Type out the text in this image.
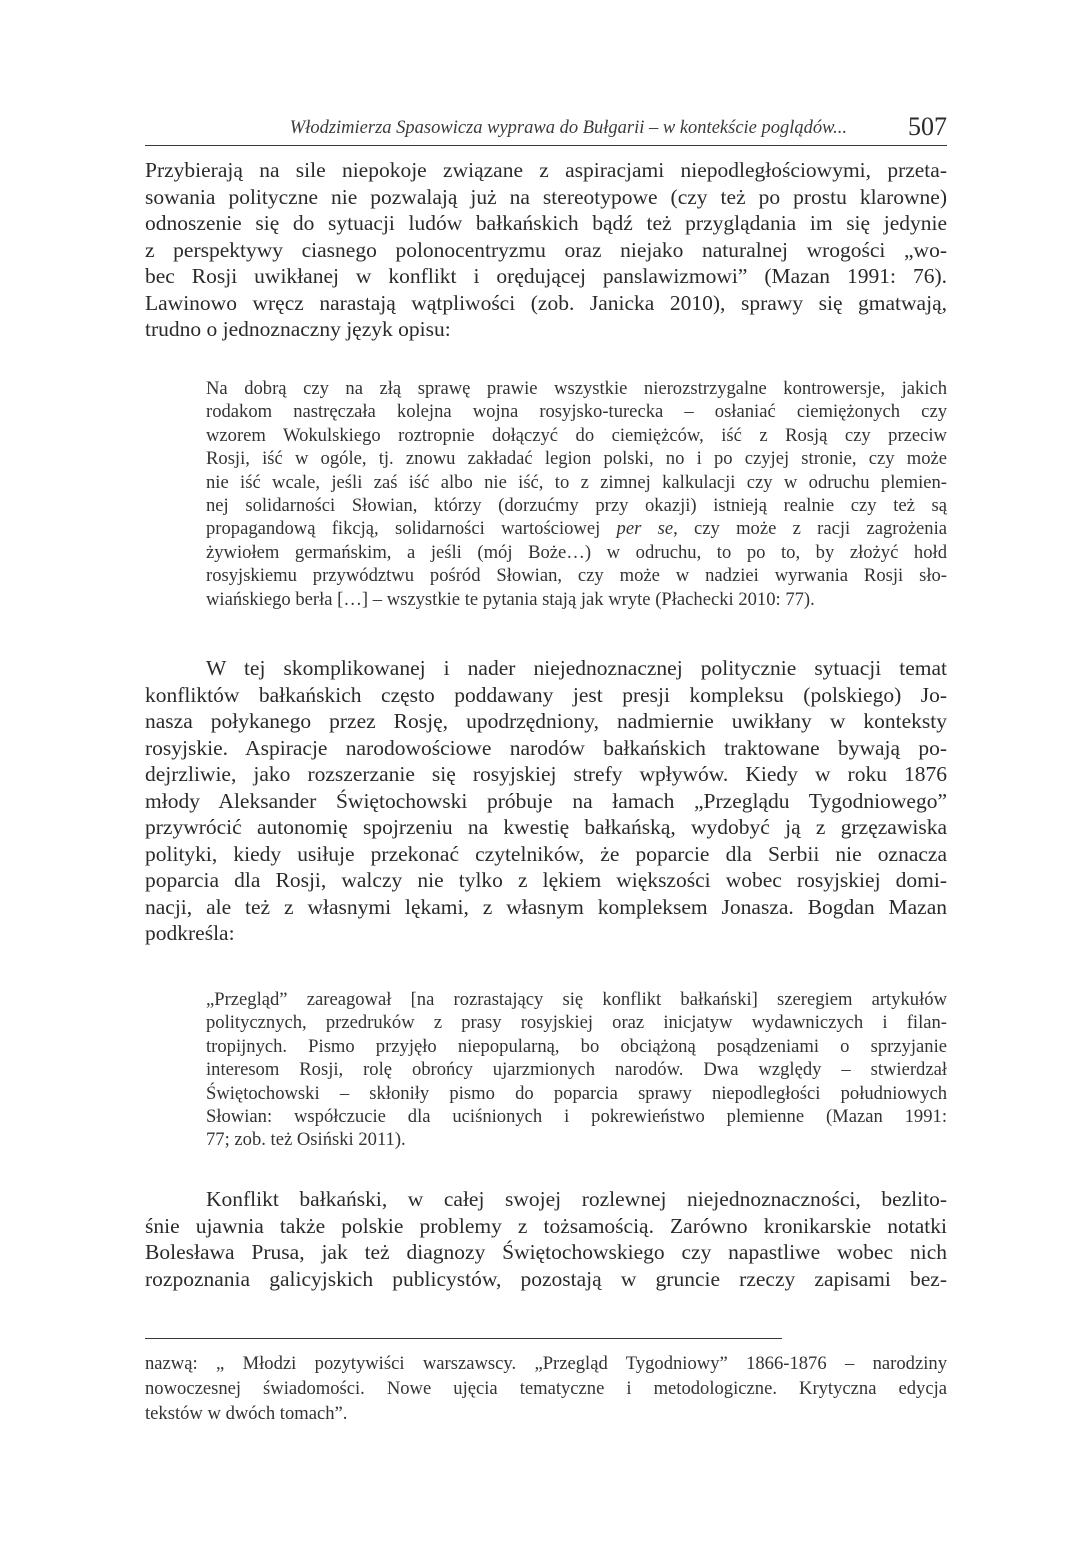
Włodzimierza Spasowicza wyprawa do Bułgarii – w kontekście poglądów... 507
Przybierają na sile niepokoje związane z aspiracjami niepodległościowymi, przeta-
sowania polityczne nie pozwalają już na stereotypowe (czy też po prostu klarowne)
odnoszenie się do sytuacji ludów bałkańskich bądź też przyglądania im się jedynie
z perspektywy ciasnego polonocentryzmu oraz niejako naturalnej wrogości „wo-
bec Rosji uwikłanej w konflikt i orędującej panslawizmowi” (Mazan 1991: 76).
Lawinowo wręcz narastają wątpliwości (zob. Janicka 2010), sprawy się gmatwają,
trudno o jednoznaczny język opisu:
Na dobrą czy na złą sprawę prawie wszystkie nierozstrzygalne kontrowersje, jakich
rodakom nastręczała kolejna wojna rosyjsko-turecka – osłaniać ciemiężonych czy
wzorem Wokulskiego roztropnie dołączyć do ciemiężców, iść z Rosją czy przeciw
Rosji, iść w ogóle, tj. znowu zakładać legion polski, no i po czyjej stronie, czy może
nie iść wcale, jeśli zaś iść albo nie iść, to z zimnej kalkulacji czy w odruchu plemien-
nej solidarności Słowian, którzy (dorzućmy przy okazji) istnieją realnie czy też są
propagandową fikcją, solidarności wartościowej per se, czy może z racji zagrożenia
żywiołem germańskim, a jeśli (mój Boże…) w odruchu, to po to, by złożyć hołd
rosyjskiemu przywództwu pośród Słowian, czy może w nadziei wyrwania Rosji sło-
wiańskiego berła […] – wszystkie te pytania stają jak wryte (Płachecki 2010: 77).
W tej skomplikowanej i nader niejednoznacznej politycznie sytuacji temat
konfliktów bałkańskich często poddawany jest presji kompleksu (polskiego) Jo-
nasza połykanego przez Rosję, upodrzędniony, nadmiernie uwikłany w konteksty
rosyjskie. Aspiracje narodowościowe narodów bałkańskich traktowane bywają po-
dejrzliwie, jako rozszerzanie się rosyjskiej strefy wpływów. Kiedy w roku 1876
młody Aleksander Świętochowski próbuje na łamach „Przeglądu Tygodniowego”
przywrócić autonomię spojrzeniu na kwestię bałkańską, wydobyć ją z grzęzawiska
polityki, kiedy usiłuje przekonać czytelników, że poparcie dla Serbii nie oznacza
poparcia dla Rosji, walczy nie tylko z lękiem większości wobec rosyjskiej domi-
nacji, ale też z własnymi lękami, z własnym kompleksem Jonasza. Bogdan Mazan
podkreśla:
„Przegląd” zareagował [na rozrastający się konflikt bałkański] szeregiem artykułów
politycznych, przedruków z prasy rosyjskiej oraz inicjatyw wydawniczych i filan-
tropijnych. Pismo przyjęło niepopularną, bo obciążoną posądzeniami o sprzyjanie
interesom Rosji, rolę obrońcy ujarzmionych narodów. Dwa względy – stwierdzał
Świętochowski – skłoniły pismo do poparcia sprawy niepodległości południowych
Słowian: współczucie dla uciśnionych i pokrewieństwo plemienne (Mazan 1991:
77; zob. też Osiński 2011).
Konflikt bałkański, w całej swojej rozlewnej niejednoznaczności, bezlito-
śnie ujawnia także polskie problemy z tożsamością. Zarówno kronikarskie notatki
Bolesława Prusa, jak też diagnozy Świętochowskiego czy napastliwe wobec nich
rozpoznania galicyjskich publicystów, pozostają w gruncie rzeczy zapisami bez-
nazwą: „ Młodzi pozytywiści warszawscy. „Przegląd Tygodniowy” 1866-1876 – narodziny
nowoczesnej świadomości. Nowe ujęcia tematyczne i metodologiczne. Krytyczna edycja
tekstów w dwóch tomach”.
